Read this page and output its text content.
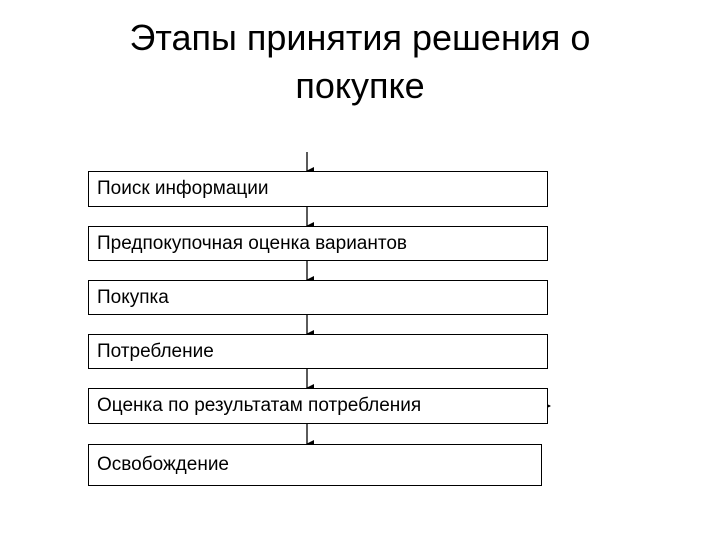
Этапы принятия решения о покупке
Поиск информации
Предпокупочная оценка вариантов
Покупка
Потребление
Оценка по результатам потребления
Освобождение
